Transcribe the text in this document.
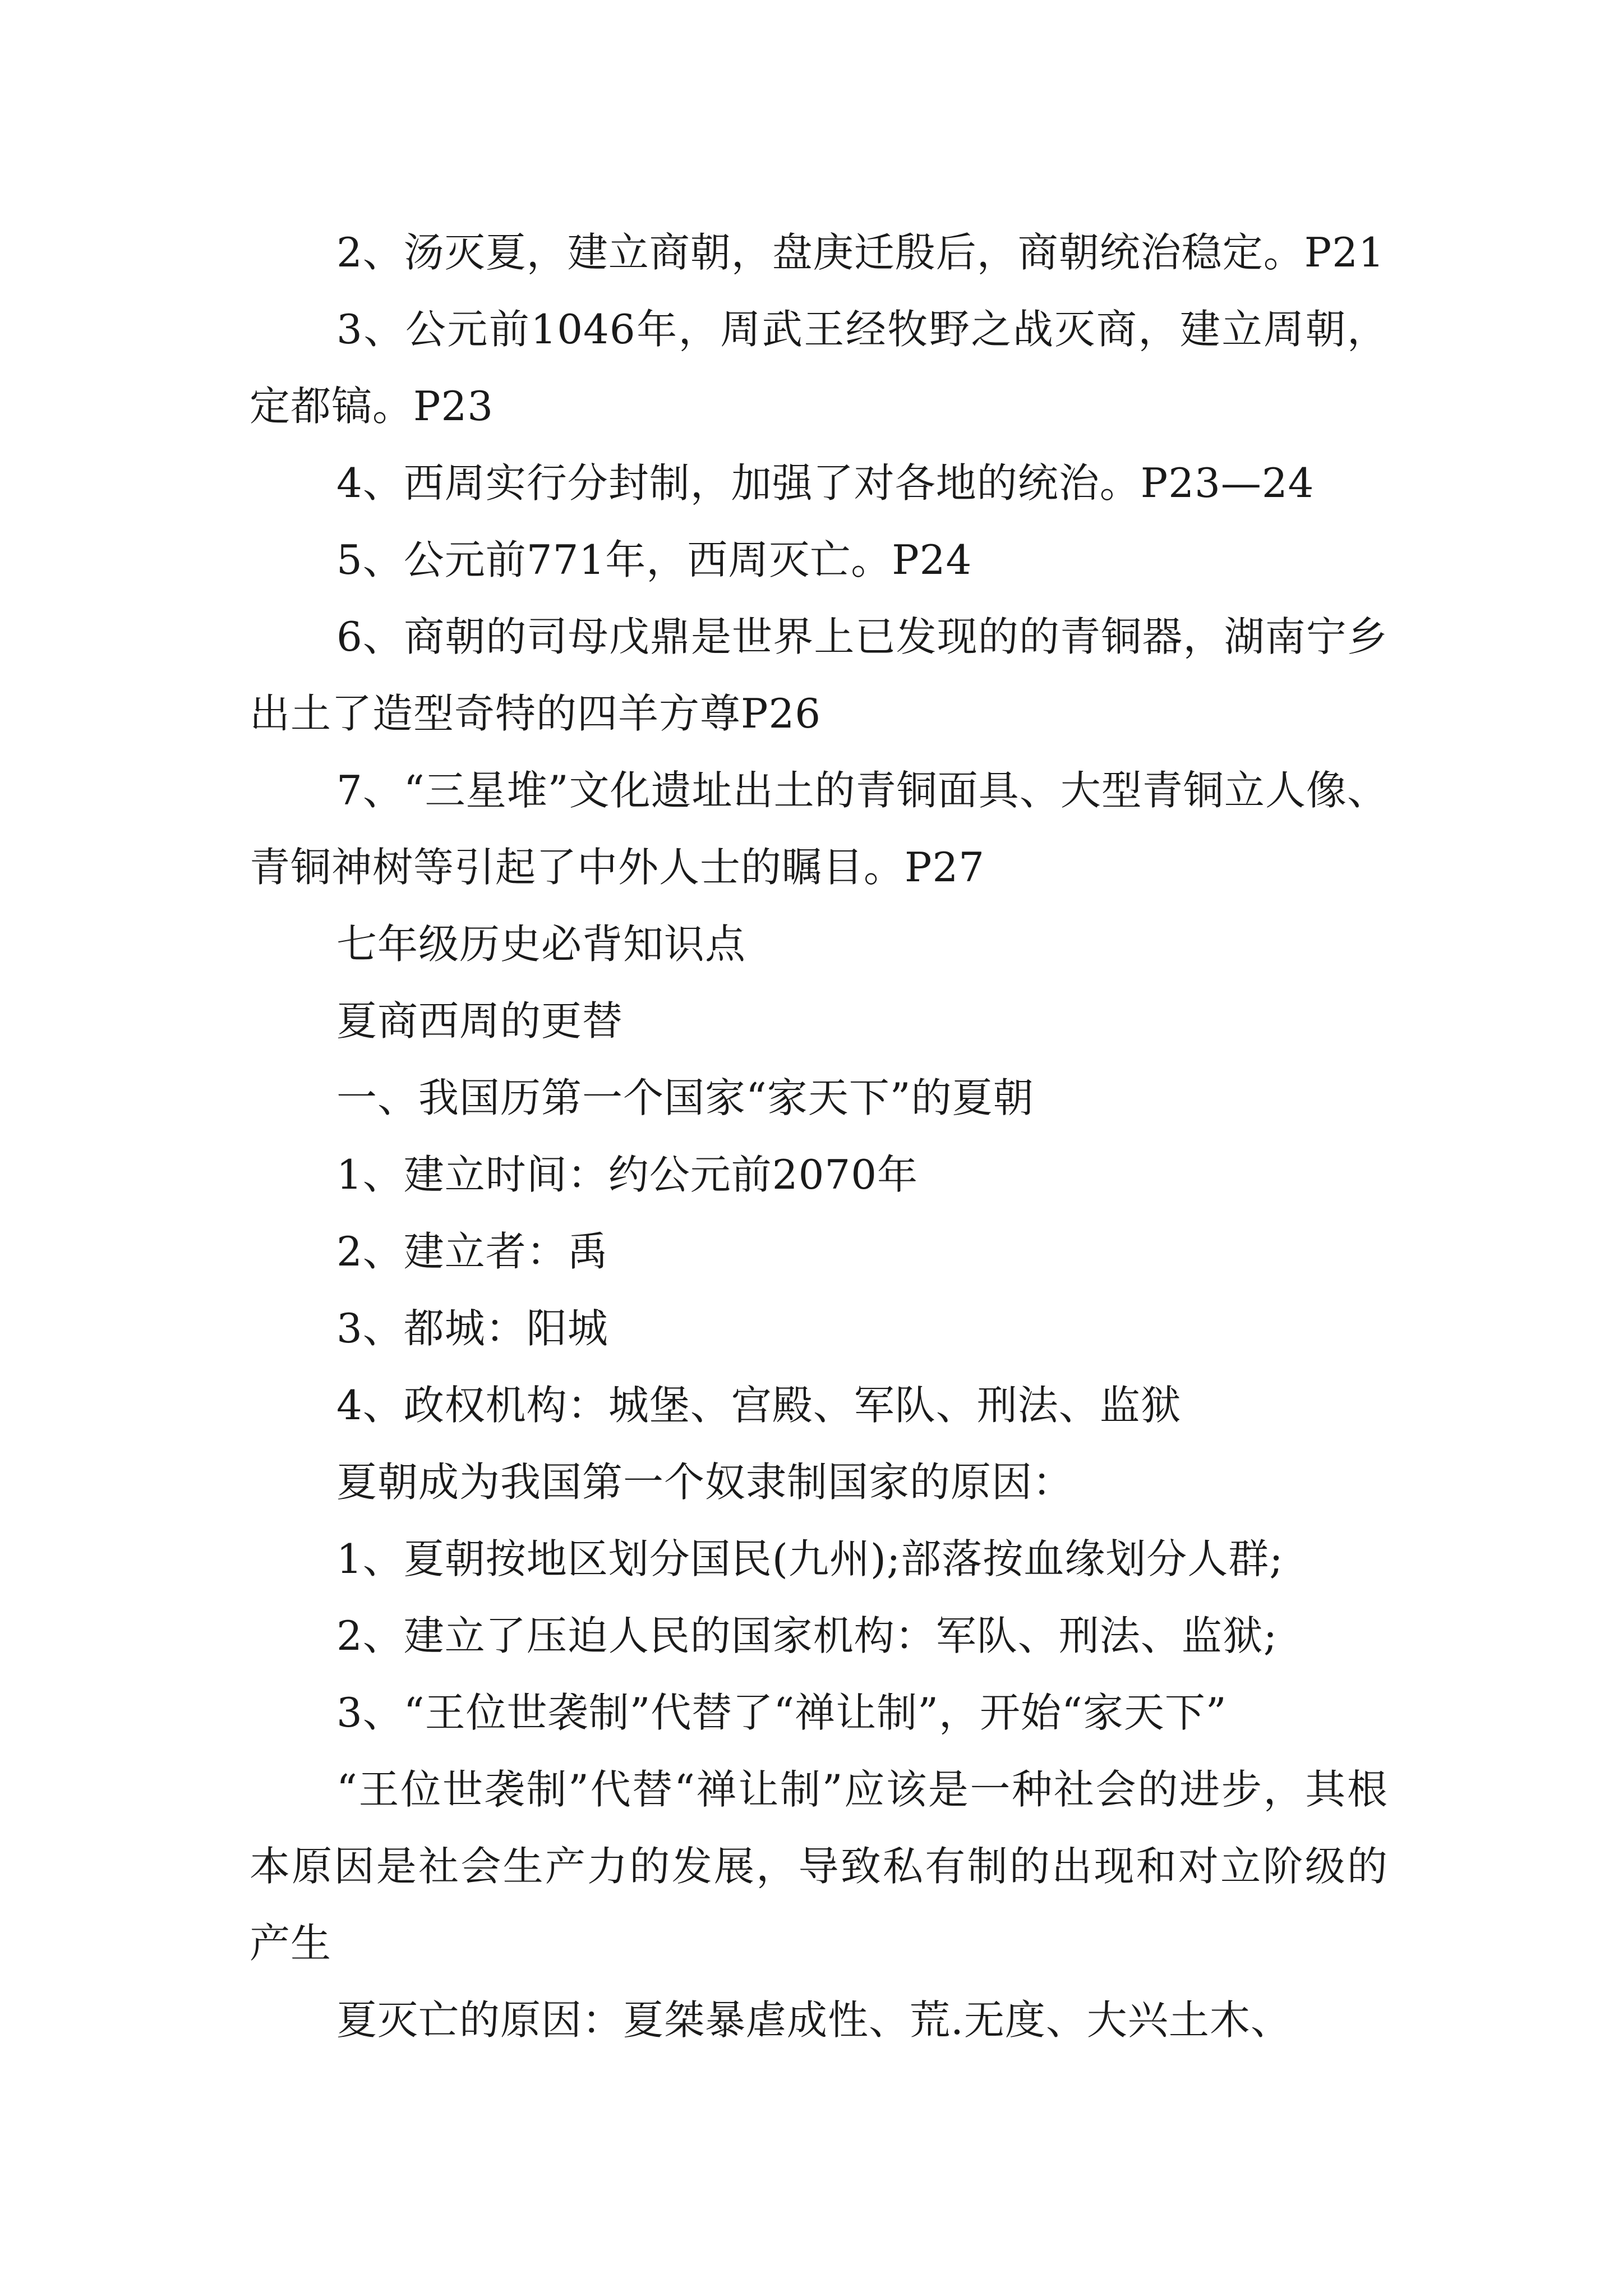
2、汤灭夏，建立商朝，盘庚迁殷后，商朝统治稳定。P21

3、公元前1046年，周武王经牧野之战灭商，建立周朝，定都镐。P23

4、西周实行分封制，加强了对各地的统治。P23—24

5、公元前771年，西周灭亡。P24

6、商朝的司母戊鼎是世界上已发现的的青铜器，湖南宁乡出土了造型奇特的四羊方尊P26

7、“三星堆”文化遗址出土的青铜面具、大型青铜立人像、青铜神树等引起了中外人士的瞩目。P27

七年级历史必背知识点

夏商西周的更替

一、我国历第一个国家“家天下”的夏朝

1、建立时间：约公元前2070年

2、建立者：禹

3、都城：阳城

4、政权机构：城堡、宫殿、军队、刑法、监狱

夏朝成为我国第一个奴隶制国家的原因：

1、夏朝按地区划分国民(九州);部落按血缘划分人群;

2、建立了压迫人民的国家机构：军队、刑法、监狱;

3、“王位世袭制”代替了“禅让制”，开始“家天下”

“王位世袭制”代替“禅让制”应该是一种社会的进步，其根本原因是社会生产力的发展，导致私有制的出现和对立阶级的产生

夏灭亡的原因：夏桀暴虐成性、荒.无度、大兴土木、
